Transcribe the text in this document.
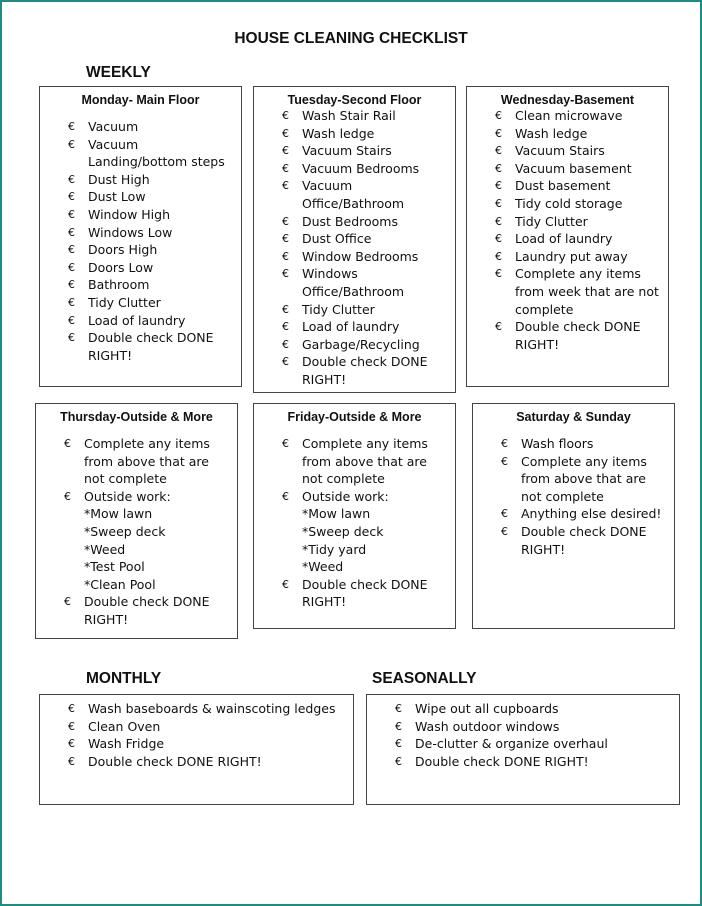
HOUSE CLEANING CHECKLIST
WEEKLY
Monday- Main Floor
€ Vacuum
€ Vacuum
Landing/bottom steps
€ Dust High
€ Dust Low
€ Window High
€ Windows Low
€ Doors High
€ Doors Low
€ Bathroom
€ Tidy Clutter
€ Load of laundry
€ Double check DONE
RIGHT!
Tuesday-Second Floor
€ Wash Stair Rail
€ Wash ledge
€ Vacuum Stairs
€ Vacuum Bedrooms
€ Vacuum
Office/Bathroom
€ Dust Bedrooms
€ Dust Office
€ Window Bedrooms
€ Windows
Office/Bathroom
€ Tidy Clutter
€ Load of laundry
€ Garbage/Recycling
€ Double check DONE
RIGHT!
Wednesday-Basement
€ Clean microwave
€ Wash ledge
€ Vacuum Stairs
€ Vacuum basement
€ Dust basement
€ Tidy cold storage
€ Tidy Clutter
€ Load of laundry
€ Laundry put away
€ Complete any items
from week that are not
complete
€ Double check DONE
RIGHT!
Thursday-Outside & More
€ Complete any items
from above that are
not complete
€ Outside work:
*Mow lawn
*Sweep deck
*Weed
*Test Pool
*Clean Pool
€ Double check DONE
RIGHT!
Friday-Outside & More
€ Complete any items
from above that are
not complete
€ Outside work:
*Mow lawn
*Sweep deck
*Tidy yard
*Weed
€ Double check DONE
RIGHT!
Saturday & Sunday
€ Wash floors
€ Complete any items
from above that are
not complete
€ Anything else desired!
€ Double check DONE
RIGHT!
MONTHLY	SEASONALLY
€ Wash baseboards & wainscoting ledges
€ Clean Oven
€ Wash Fridge
€ Double check DONE RIGHT!
€ Wipe out all cupboards
€ Wash outdoor windows
€ De-clutter & organize overhaul
€ Double check DONE RIGHT!
